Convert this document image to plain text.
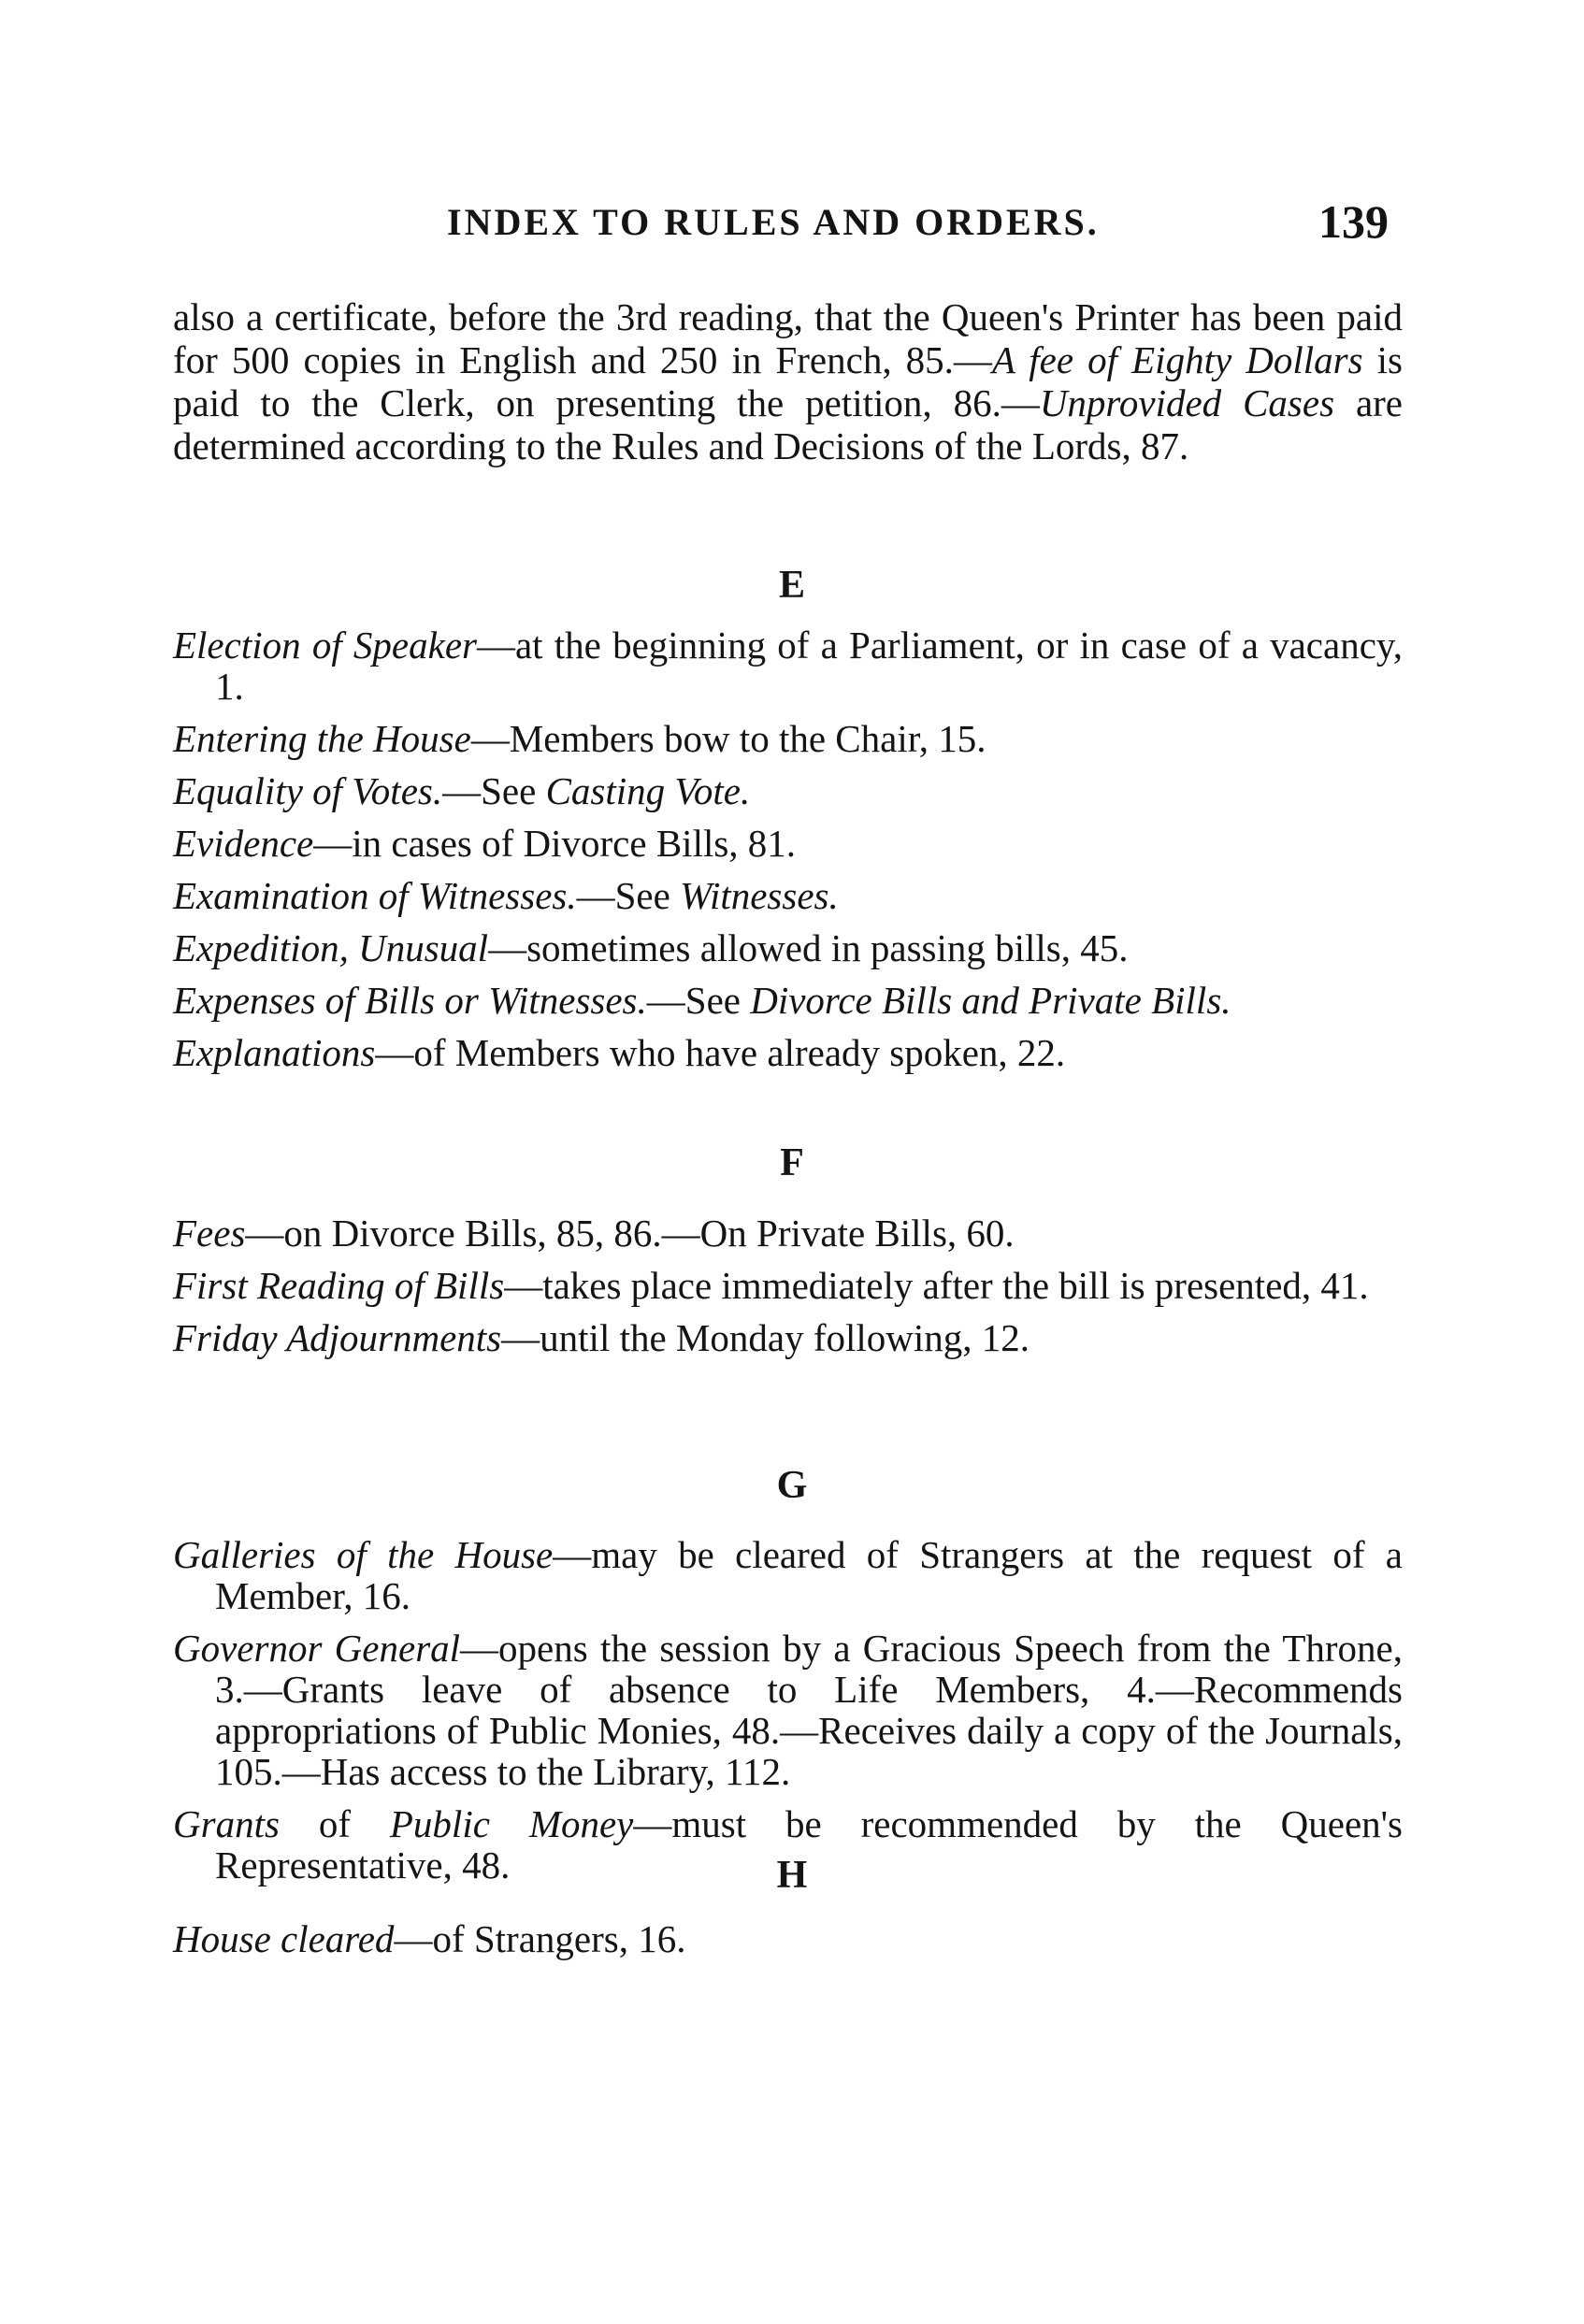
INDEX TO RULES AND ORDERS.	139
also a certificate, before the 3rd reading, that the Queen's Printer has been paid for 500 copies in English and 250 in French, 85.—A fee of Eighty Dollars is paid to the Clerk, on presenting the petition, 86.—Unprovided Cases are determined according to the Rules and Decisions of the Lords, 87.
E
Election of Speaker—at the beginning of a Parliament, or in case of a vacancy, 1.
Entering the House—Members bow to the Chair, 15.
Equality of Votes.—See Casting Vote.
Evidence—in cases of Divorce Bills, 81.
Examination of Witnesses.—See Witnesses.
Expedition, Unusual—sometimes allowed in passing bills, 45.
Expenses of Bills or Witnesses.—See Divorce Bills and Private Bills.
Explanations—of Members who have already spoken, 22.
F
Fees—on Divorce Bills, 85, 86.—On Private Bills, 60.
First Reading of Bills—takes place immediately after the bill is presented, 41.
Friday Adjournments—until the Monday following, 12.
G
Galleries of the House—may be cleared of Strangers at the request of a Member, 16.
Governor General—opens the session by a Gracious Speech from the Throne, 3.—Grants leave of absence to Life Members, 4.—Recommends appropriations of Public Monies, 48.—Receives daily a copy of the Journals, 105.—Has access to the Library, 112.
Grants of Public Money—must be recommended by the Queen's Representative, 48.	H
House cleared—of Strangers, 16.
